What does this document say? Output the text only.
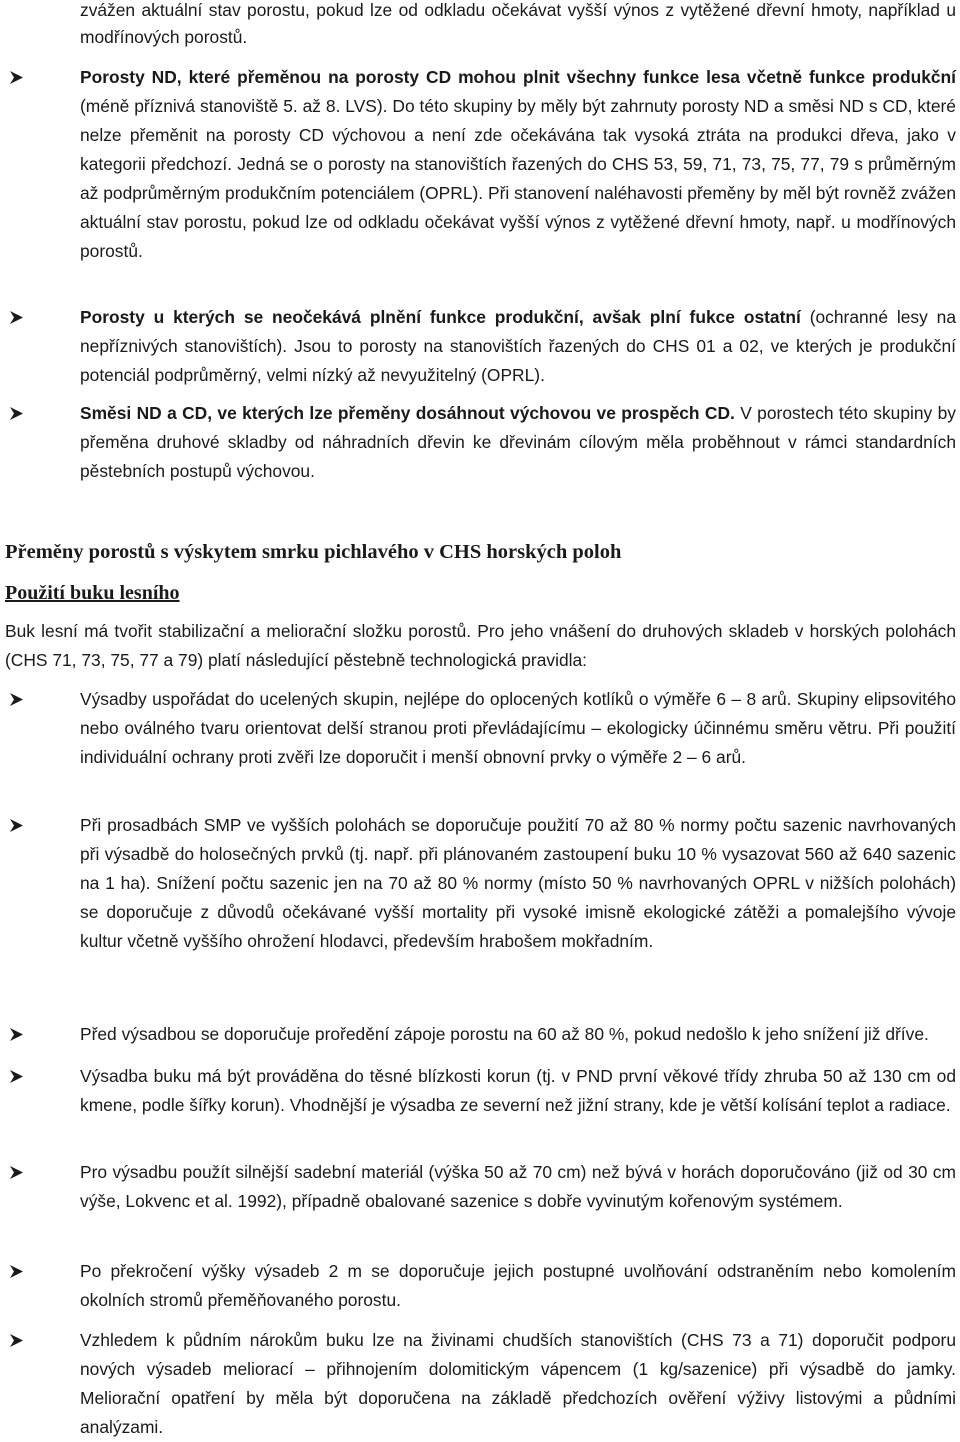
zvážen aktuální stav porostu, pokud lze od odkladu očekávat vyšší výnos z vytěžené dřevní hmoty, například u modřínových porostů.
Porosty ND, které přeměnou na porosty CD mohou plnit všechny funkce lesa včetně funkce produkční (méně příznivá stanoviště 5. až 8. LVS). Do této skupiny by měly být zahrnuty porosty ND a směsi ND s CD, které nelze přeměnit na porosty CD výchovou a není zde očekávána tak vysoká ztráta na produkci dřeva, jako v kategorii předchozí. Jedná se o porosty na stanovištích řazených do CHS 53, 59, 71, 73, 75, 77, 79 s průměrným až podprůměrným produkčním potenciálem (OPRL). Při stanovení naléhavosti přeměny by měl být rovněž zvážen aktuální stav porostu, pokud lze od odkladu očekávat vyšší výnos z vytěžené dřevní hmoty, např. u modřínových porostů.
Porosty u kterých se neočekává plnění funkce produkční, avšak plní fukce ostatní (ochranné lesy na nepříznivých stanovištích). Jsou to porosty na stanovištích řazených do CHS 01 a 02, ve kterých je produkční potenciál podprůměrný, velmi nízký až nevyužitelný (OPRL).
Směsi ND a CD, ve kterých lze přeměny dosáhnout výchovou ve prospěch CD. V porostech této skupiny by přeměna druhové skladby od náhradních dřevin ke dřevinám cílovým měla proběhnout v rámci standardních pěstebních postupů výchovou.
Přeměny porostů s výskytem smrku pichlavého v CHS horských poloh
Použití buku lesního

Buk lesní má tvořit stabilizační a meliorační složku porostů. Pro jeho vnášení do druhových skladeb v horských polohách (CHS 71, 73, 75, 77 a 79) platí následující pěstebně technologická pravidla:

Výsadby uspořádat do ucelených skupin, nejlépe do oplocených kotlíků o výměře 6 – 8 arů. Skupiny elipsovitého nebo oválného tvaru orientovat delší stranou proti převládajícímu – ekologicky účinnému směru větru. Při použití individuální ochrany proti zvěři lze doporučit i menší obnovní prvky o výměře 2 – 6 arů.
Při prosadbách SMP ve vyšších polohách se doporučuje použití 70 až 80 % normy počtu sazenic navrhovaných při výsadbě do holosečných prvků (tj. např. při plánovaném zastoupení buku 10 % vysazovat 560 až 640 sazenic na 1 ha). Snížení počtu sazenic jen na 70 až 80 % normy (místo 50 % navrhovaných OPRL v nižších polohách) se doporučuje z důvodů očekávané vyšší mortality při vysoké imisně ekologické zátěži a pomalejšího vývoje kultur včetně vyššího ohrožení hlodavci, především hrabošem mokřadním.
Před výsadbou se doporučuje proředění zápoje porostu na 60 až 80 %, pokud nedošlo k jeho snížení již dříve.
Výsadba buku má být prováděna do těsné blízkosti korun (tj. v PND první věkové třídy zhruba 50 až 130 cm od kmene, podle šířky korun). Vhodnější je výsadba ze severní než jižní strany, kde je větší kolísání teplot a radiace.
Pro výsadbu použít silnější sadební materiál (výška 50 až 70 cm) než bývá v horách doporučováno (již od 30 cm výše, Lokvenc et al. 1992), případně obalované sazenice s dobře vyvinutým kořenovým systémem.
Po překročení výšky výsadeb 2 m se doporučuje jejich postupné uvolňování odstraněním nebo komolením okolních stromů přeměňovaného porostu.
Vzhledem k půdním nárokům buku lze na živinami chudších stanovištích (CHS 73 a 71) doporučit podporu nových výsadeb meliorací – přihnojením dolomitickým vápencem (1 kg/sazenice) při výsadbě do jamky. Meliorační opatření by měla být doporučena na základě předchozích ověření výživy listovými a půdními analýzami.
